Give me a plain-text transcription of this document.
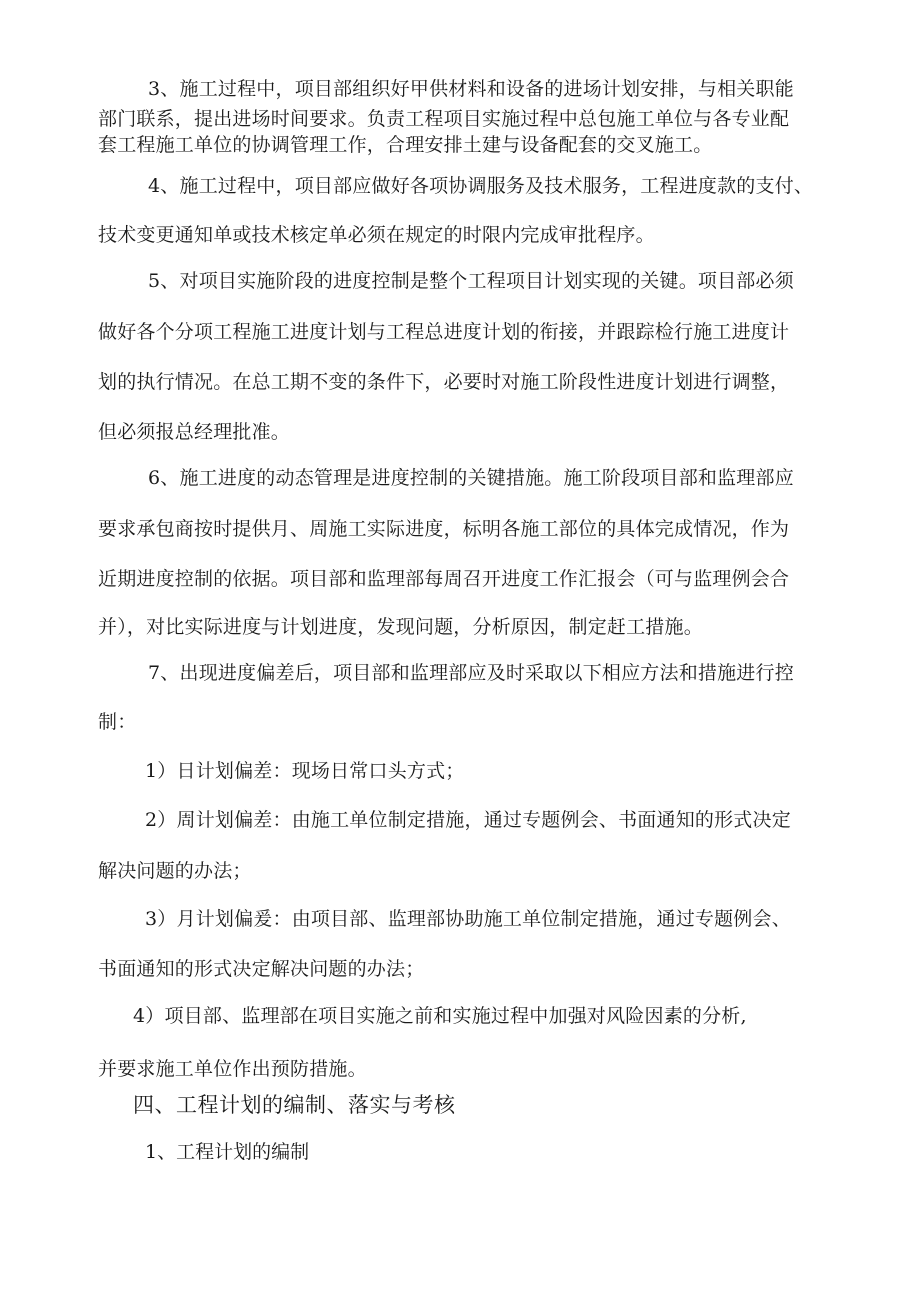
3、施工过程中，项目部组织好甲供材料和设备的进场计划安排，与相关职能
部门联系，提出进场时间要求。负责工程项目实施过程中总包施工单位与各专业配
套工程施工单位的协调管理工作，合理安排土建与设备配套的交叉施工。
4、施工过程中，项目部应做好各项协调服务及技术服务，工程进度款的支付、
技术变更通知单或技术核定单必须在规定的时限内完成审批程序。
5、对项目实施阶段的进度控制是整个工程项目计划实现的关键。项目部必须
做好各个分项工程施工进度计划与工程总进度计划的衔接，并跟踪检行施工进度计
划的执行情况。在总工期不变的条件下，必要时对施工阶段性进度计划进行调整，
但必须报总经理批准。
6、施工进度的动态管理是进度控制的关键措施。施工阶段项目部和监理部应
要求承包商按时提供月、周施工实际进度，标明各施工部位的具体完成情况，作为
近期进度控制的依据。项目部和监理部每周召开进度工作汇报会（可与监理例会合
并），对比实际进度与计划进度，发现问题，分析原因，制定赶工措施。
7、出现进度偏差后，项目部和监理部应及时采取以下相应方法和措施进行控
制：
1）日计划偏差：现场日常口头方式；
2）周计划偏差：由施工单位制定措施，通过专题例会、书面通知的形式决定
解决问题的办法；
3）月计划偏爰：由项目部、监理部协助施工单位制定措施，通过专题例会、
书面通知的形式决定解决问题的办法；
4）项目部、监理部在项目实施之前和实施过程中加强对风险因素的分析,
并要求施工单位作出预防措施。
四、工程计划的编制、落实与考核
1、工程计划的编制
